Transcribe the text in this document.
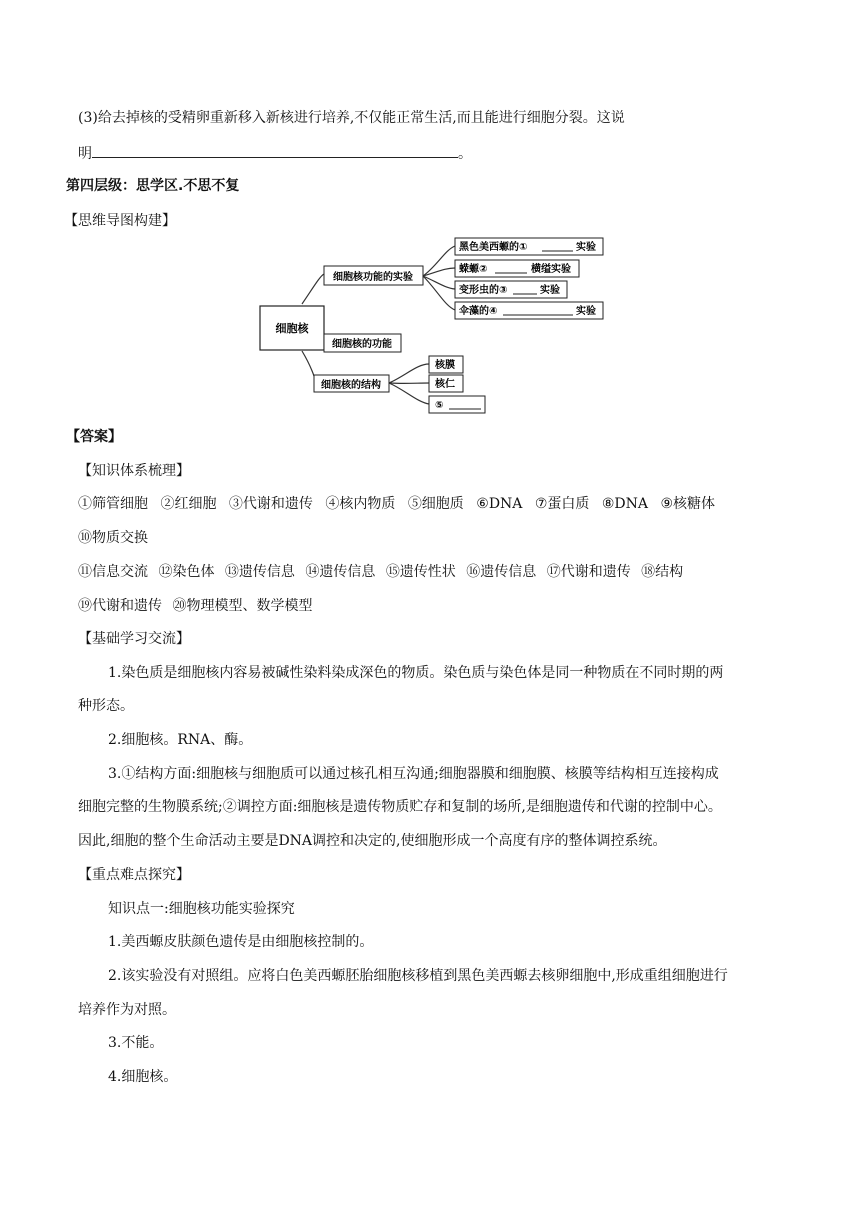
(3)给去掉核的受精卵重新移入新核进行培养,不仅能正常生活,而且能进行细胞分裂。这说
明	。
第四层级：思学区.不思不复
【思维导图构建】
细胞核
细胞核功能的实验
细胞核的功能
细胞核的结构
黑色美西螈的①	实验
蝾螈②	横缢实验
变形虫的③	实验
伞藻的④	实验
核膜
核仁
⑤
【答案】
【知识体系梳理】
①筛管细胞 ②红细胞 ③代谢和遗传 ④核内物质 ⑤细胞质 ⑥DNA ⑦蛋白质 ⑧DNA ⑨核糖体
⑩物质交换
⑪信息交流 ⑫染色体 ⑬遗传信息 ⑭遗传信息 ⑮遗传性状 ⑯遗传信息 ⑰代谢和遗传 ⑱结构
⑲代谢和遗传 ⑳物理模型、数学模型
【基础学习交流】
1.染色质是细胞核内容易被碱性染料染成深色的物质。染色质与染色体是同一种物质在不同时期的两
种形态。
2.细胞核。RNA、酶。
3.①结构方面:细胞核与细胞质可以通过核孔相互沟通;细胞器膜和细胞膜、核膜等结构相互连接构成
细胞完整的生物膜系统;②调控方面:细胞核是遗传物质贮存和复制的场所,是细胞遗传和代谢的控制中心。
因此,细胞的整个生命活动主要是DNA调控和决定的,使细胞形成一个高度有序的整体调控系统。
【重点难点探究】
知识点一:细胞核功能实验探究
1.美西螈皮肤颜色遗传是由细胞核控制的。
2.该实验没有对照组。应将白色美西螈胚胎细胞核移植到黑色美西螈去核卵细胞中,形成重组细胞进行
培养作为对照。
3.不能。
4.细胞核。
